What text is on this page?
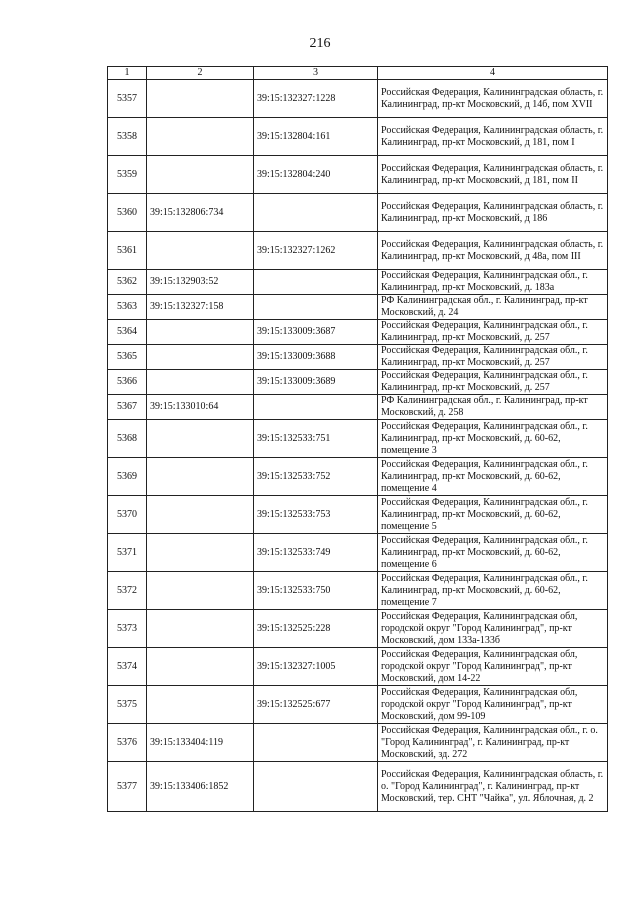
216
1	2	3	4
5357		39:15:132327:1228	Российская Федерация, Калининградская область, г. Калининград, пр-кт Московский, д 14б, пом XVII
5358		39:15:132804:161	Российская Федерация, Калининградская область, г. Калининград, пр-кт Московский, д 181, пом I
5359		39:15:132804:240	Российская Федерация, Калининградская область, г. Калининград, пр-кт Московский, д 181, пом II
5360	39:15:132806:734		Российская Федерация, Калининградская область, г. Калининград, пр-кт Московский, д 186
5361		39:15:132327:1262	Российская Федерация, Калининградская область, г. Калининград, пр-кт Московский, д 48а, пом III
5362	39:15:132903:52		Российская Федерация, Калининградская обл., г. Калининград, пр-кт Московский, д. 183а
5363	39:15:132327:158		РФ Калининградская обл., г. Калининград, пр-кт Московский, д. 24
5364		39:15:133009:3687	Российская Федерация, Калининградская обл., г. Калининград, пр-кт Московский, д. 257
5365		39:15:133009:3688	Российская Федерация, Калининградская обл., г. Калининград, пр-кт Московский, д. 257
5366		39:15:133009:3689	Российская Федерация, Калининградская обл., г. Калининград, пр-кт Московский, д. 257
5367	39:15:133010:64		РФ Калининградская обл., г. Калининград, пр-кт Московский, д. 258
5368		39:15:132533:751	Российская Федерация, Калининградская обл., г. Калининград, пр-кт Московский, д. 60-62, помещение 3
5369		39:15:132533:752	Российская Федерация, Калининградская обл., г. Калининград, пр-кт Московский, д. 60-62, помещение 4
5370		39:15:132533:753	Российская Федерация, Калининградская обл., г. Калининград, пр-кт Московский, д. 60-62, помещение 5
5371		39:15:132533:749	Российская Федерация, Калининградская обл., г. Калининград, пр-кт Московский, д. 60-62, помещение 6
5372		39:15:132533:750	Российская Федерация, Калининградская обл., г. Калининград, пр-кт Московский, д. 60-62, помещение 7
5373		39:15:132525:228	Российская Федерация, Калининградская обл, городской округ "Город Калининград", пр-кт Московский, дом 133а-133б
5374		39:15:132327:1005	Российская Федерация, Калининградская обл, городской округ "Город Калининград", пр-кт Московский, дом 14-22
5375		39:15:132525:677	Российская Федерация, Калининградская обл, городской округ "Город Калининград", пр-кт Московский, дом 99-109
5376	39:15:133404:119		Российская Федерация, Калининградская обл., г. о. "Город Калининград", г. Калининград, пр-кт Московский, зд. 272
5377	39:15:133406:1852		Российская Федерация, Калининградская область, г. о. "Город Калининград", г. Калининград, пр-кт Московский, тер. СНТ "Чайка", ул. Яблочная, д. 2
